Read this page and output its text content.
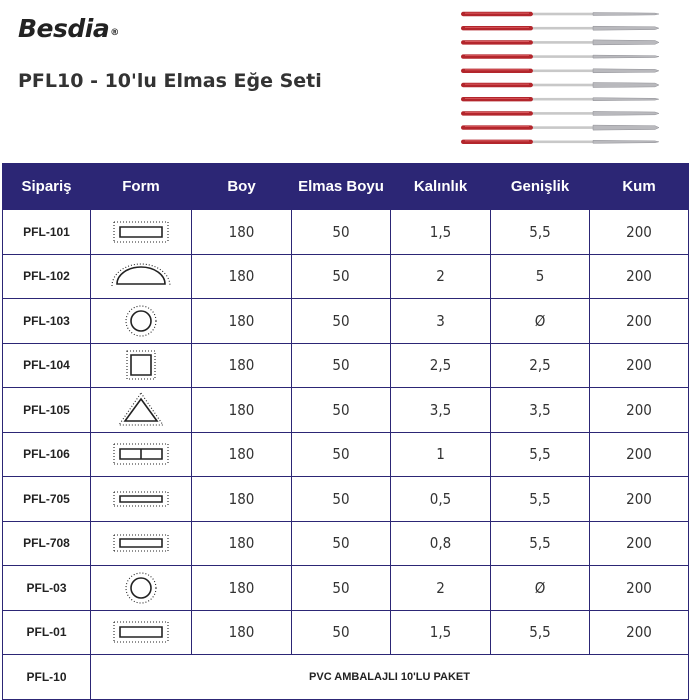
Besdia®
PFL10 - 10'lu Elmas Eğe Seti
Sipariş	Form	Boy	Elmas Boyu	Kalınlık	Genişlik	Kum
PFL-101		180	50	1,5	5,5	200
PFL-102		180	50	2	5	200
PFL-103		180	50	3	Ø	200
PFL-104		180	50	2,5	2,5	200
PFL-105		180	50	3,5	3,5	200
PFL-106		180	50	1	5,5	200
PFL-705		180	50	0,5	5,5	200
PFL-708		180	50	0,8	5,5	200
PFL-03		180	50	2	Ø	200
PFL-01		180	50	1,5	5,5	200
PFL-10	PVC AMBALAJLI 10'LU PAKET					
